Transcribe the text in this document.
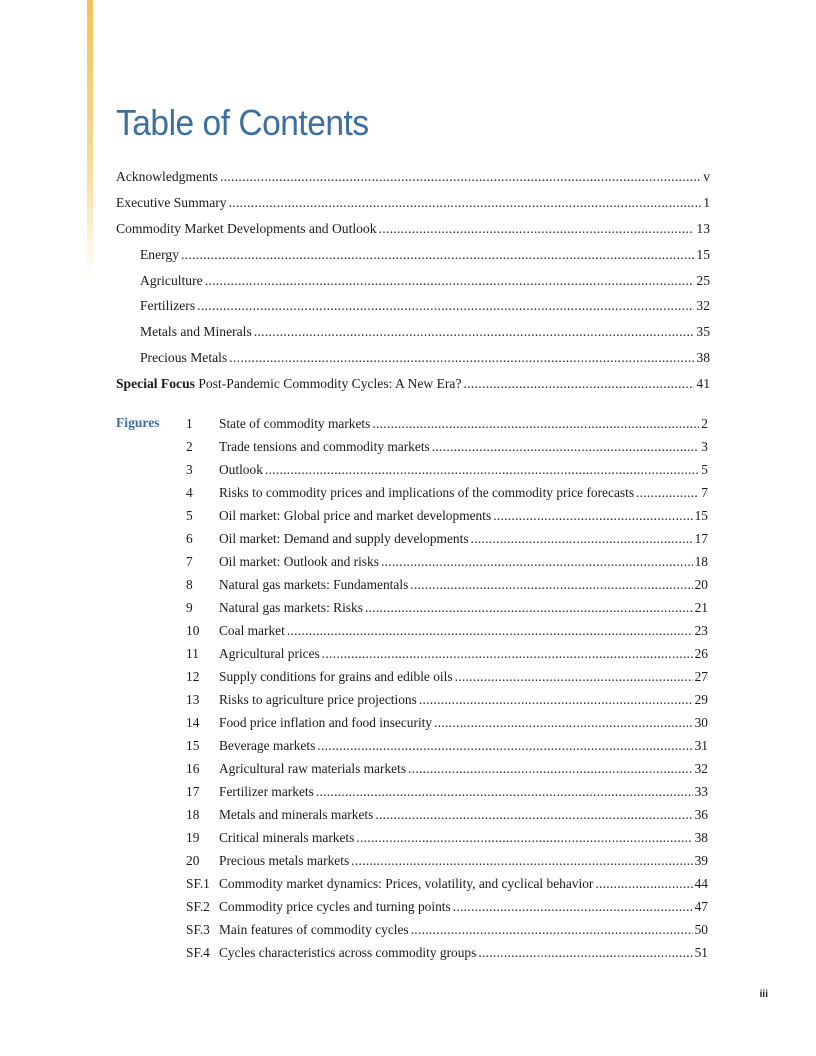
Table of Contents
Acknowledgments .....	v
Executive Summary .....	1
Commodity Market Developments and Outlook .....	13
Energy .....	15
Agriculture .....	25
Fertilizers .....	32
Metals and Minerals .....	35
Precious Metals .....	38
Special Focus Post-Pandemic Commodity Cycles: A New Era? .....	41
Figures 1	State of commodity markets .....	2
2	Trade tensions and commodity markets .....	3
3	Outlook .....	5
4	Risks to commodity prices and implications of the commodity price forecasts .....	7
5	Oil market: Global price and market developments .....	15
6	Oil market: Demand and supply developments .....	17
7	Oil market: Outlook and risks .....	18
8	Natural gas markets: Fundamentals .....	20
9	Natural gas markets: Risks .....	21
10	Coal market .....	23
11	Agricultural prices .....	26
12	Supply conditions for grains and edible oils .....	27
13	Risks to agriculture price projections .....	29
14	Food price inflation and food insecurity .....	30
15	Beverage markets .....	31
16	Agricultural raw materials markets .....	32
17	Fertilizer markets .....	33
18	Metals and minerals markets .....	36
19	Critical minerals markets .....	38
20	Precious metals markets .....	39
SF.1 Commodity market dynamics: Prices, volatility, and cyclical behavior .....	44
SF.2 Commodity price cycles and turning points .....	47
SF.3 Main features of commodity cycles .....	50
SF.4 Cycles characteristics across commodity groups .....	51
iii
